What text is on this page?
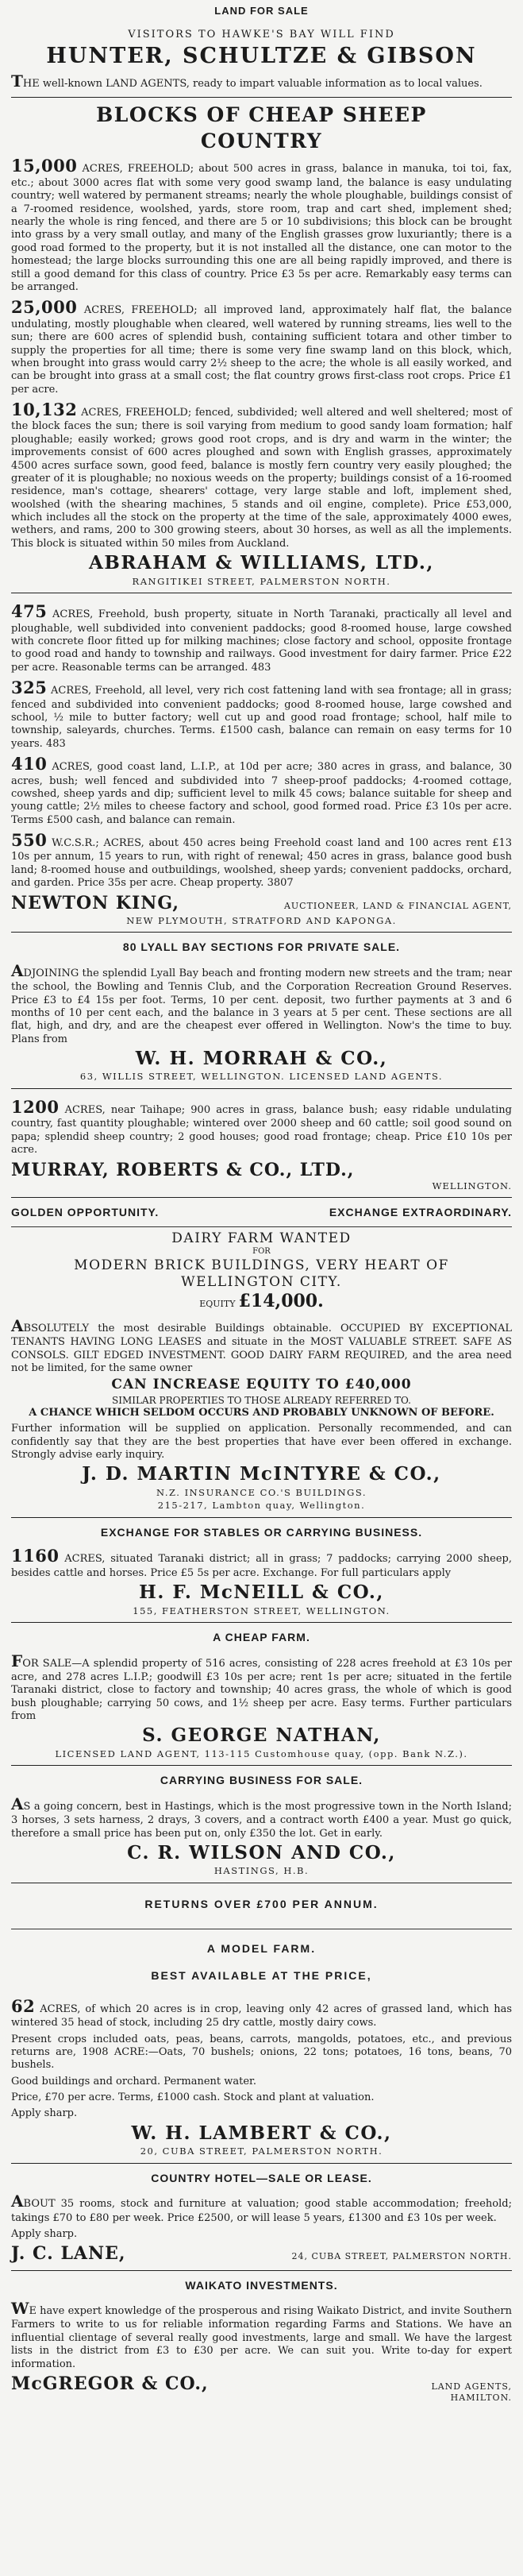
LAND FOR SALE
VISITORS TO HAWKE'S BAY WILL FIND
HUNTER, SCHULTZE & GIBSON
THE well-known LAND AGENTS, ready to impart valuable information as to local values.
BLOCKS OF CHEAP SHEEP
COUNTRY
15,000 ACRES, FREEHOLD; about 500 acres in grass, balance in manuka, toi toi, fax, etc.; about 3000 acres flat with some very good swamp land, the balance is easy undulating country; well watered by permanent streams; nearly the whole ploughable, buildings consist of a 7-roomed residence, woolshed, yards, store room, trap and cart shed, implement shed; nearly the whole is ring fenced, and there are 5 or 10 subdivisions; this block can be brought into grass by a very small outlay, and many of the English grasses grow luxuriantly; there is a good road formed to the property, but it is not installed all the distance, one can motor to the homestead; the large blocks surrounding this one are all being rapidly improved, and there is still a good demand for this class of country. Price £3 5s per acre. Remarkably easy terms can be arranged.
25,000 ACRES, FREEHOLD; all improved land, approximately half flat, the balance undulating, mostly ploughable when cleared, well watered by running streams, lies well to the sun; there are 600 acres of splendid bush, containing sufficient totara and other timber to supply the properties for all time; there is some very fine swamp land on this block, which, when brought into grass would carry 2½ sheep to the acre; the whole is all easily worked, and can be brought into grass at a small cost; the flat country grows first-class root crops. Price £1 per acre.
10,132 ACRES, FREEHOLD; fenced, subdivided; well altered and well sheltered; most of the block faces the sun; there is soil varying from medium to good sandy loam formation; half ploughable; easily worked; grows good root crops, and is dry and warm in the winter; the improvements consist of 600 acres ploughed and sown with English grasses, approximately 4500 acres surface sown, good feed, balance is mostly fern country very easily ploughed; the greater of it is ploughable; no noxious weeds on the property; buildings consist of a 16-roomed residence, man's cottage, shearers' cottage, very large stable and loft, implement shed, woolshed (with the shearing machines, 5 stands and oil engine, complete). Price £53,000, which includes all the stock on the property at the time of the sale, approximately 4000 ewes, wethers, and rams, 200 to 300 growing steers, about 30 horses, as well as all the implements. This block is situated within 50 miles from Auckland.
ABRAHAM & WILLIAMS, LTD.,
RANGITIKEI STREET, PALMERSTON NORTH.
475 ACRES, Freehold, bush property, situate in North Taranaki, practically all level and ploughable, well subdivided into convenient paddocks; good 8-roomed house, large cowshed with concrete floor fitted up for milking machines; close factory and school, opposite frontage to good road and handy to township and railways. Good investment for dairy farmer. Price £22 per acre. Reasonable terms can be arranged. 483
325 ACRES, Freehold, all level, very rich cost fattening land with sea frontage; all in grass; fenced and subdivided into convenient paddocks; good 8-roomed house, large cowshed and school, ½ mile to butter factory; well cut up and good road frontage; school, half mile to township, saleyards, churches. Terms. £1500 cash, balance can remain on easy terms for 10 years. 483
410 ACRES, good coast land, L.I.P., at 10d per acre; 380 acres in grass, and balance, 30 acres, bush; well fenced and subdivided into 7 sheep-proof paddocks; 4-roomed cottage, cowshed, sheep yards and dip; sufficient level to milk 45 cows; balance suitable for sheep and young cattle; 2½ miles to cheese factory and school, good formed road. Price £3 10s per acre. Terms £500 cash, and balance can remain.
550 W.C.S.R.; ACRES, about 450 acres being Freehold coast land and 100 acres rent £13 10s per annum, 15 years to run, with right of renewal; 450 acres in grass, balance good bush land; 8-roomed house and outbuildings, woolshed, sheep yards; convenient paddocks, orchard, and garden. Price 35s per acre. Cheap property. 3807
NEWTON KING,	AUCTIONEER, LAND & FINANCIAL AGENT,
NEW PLYMOUTH, STRATFORD AND KAPONGA.
80 LYALL BAY SECTIONS FOR PRIVATE SALE.
ADJOINING the splendid Lyall Bay beach and fronting modern new streets and the tram; near the school, the Bowling and Tennis Club, and the Corporation Recreation Ground Reserves. Price £3 to £4 15s per foot. Terms, 10 per cent. deposit, two further payments at 3 and 6 months of 10 per cent each, and the balance in 3 years at 5 per cent. These sections are all flat, high, and dry, and are the cheapest ever offered in Wellington. Now's the time to buy. Plans from
W. H. MORRAH & CO.,
63, WILLIS STREET, WELLINGTON. LICENSED LAND AGENTS.
1200 ACRES, near Taihape; 900 acres in grass, balance bush; easy ridable undulating country, fast quantity ploughable; wintered over 2000 sheep and 60 cattle; soil good sound on papa; splendid sheep country; 2 good houses; good road frontage; cheap. Price £10 10s per acre.
MURRAY, ROBERTS & CO., LTD.,
WELLINGTON.
GOLDEN OPPORTUNITY.	EXCHANGE EXTRAORDINARY.
DAIRY FARM WANTED
FOR
MODERN BRICK BUILDINGS, VERY HEART OF
WELLINGTON CITY.
EQUITY £14,000.
ABSOLUTELY the most desirable Buildings obtainable. OCCUPIED BY EXCEPTIONAL TENANTS HAVING LONG LEASES and situate in the MOST VALUABLE STREET. SAFE AS CONSOLS. GILT EDGED INVESTMENT. GOOD DAIRY FARM REQUIRED, and the area need not be limited, for the same owner
CAN INCREASE EQUITY TO £40,000
SIMILAR PROPERTIES TO THOSE ALREADY REFERRED TO.
A CHANCE WHICH SELDOM OCCURS AND PROBABLY UNKNOWN OF BEFORE.
Further information will be supplied on application. Personally recommended, and can confidently say that they are the best properties that have ever been offered in exchange. Strongly advise early inquiry.
J. D. MARTIN McINTYRE & CO.,
N.Z. INSURANCE CO.'S BUILDINGS.
215-217, Lambton quay, Wellington.
EXCHANGE FOR STABLES OR CARRYING BUSINESS.
1160 ACRES, situated Taranaki district; all in grass; 7 paddocks; carrying 2000 sheep, besides cattle and horses. Price £5 5s per acre. Exchange. For full particulars apply
H. F. McNEILL & CO.,
155, FEATHERSTON STREET, WELLINGTON.
A CHEAP FARM.
FOR SALE—A splendid property of 516 acres, consisting of 228 acres freehold at £3 10s per acre, and 278 acres L.I.P.; goodwill £3 10s per acre; rent 1s per acre; situated in the fertile Taranaki district, close to factory and township; 40 acres grass, the whole of which is good bush ploughable; carrying 50 cows, and 1½ sheep per acre. Easy terms. Further particulars from
S. GEORGE NATHAN,
LICENSED LAND AGENT, 113-115 Customhouse quay, (opp. Bank N.Z.).
CARRYING BUSINESS FOR SALE.
AS a going concern, best in Hastings, which is the most progressive town in the North Island; 3 horses, 3 sets harness, 2 drays, 3 covers, and a contract worth £400 a year. Must go quick, therefore a small price has been put on, only £350 the lot. Get in early.
C. R. WILSON AND CO.,
HASTINGS, H.B.
RETURNS OVER £700 PER ANNUM.
A MODEL FARM.
BEST AVAILABLE AT THE PRICE,
62 ACRES, of which 20 acres is in crop, leaving only 42 acres of grassed land, which has wintered 35 head of stock, including 25 dry cattle, mostly dairy cows.
Present crops included oats, peas, beans, carrots, mangolds, potatoes, etc., and previous returns are, 1908 ACRE:—Oats, 70 bushels; onions, 22 tons; potatoes, 16 tons, beans, 70 bushels.
Good buildings and orchard. Permanent water.
Price, £70 per acre. Terms, £1000 cash. Stock and plant at valuation.
Apply sharp.
W. H. LAMBERT & CO.,
20, CUBA STREET, PALMERSTON NORTH.
COUNTRY HOTEL—SALE OR LEASE.
ABOUT 35 rooms, stock and furniture at valuation; good stable accommodation; freehold; takings £70 to £80 per week. Price £2500, or will lease 5 years, £1300 and £3 10s per week.
Apply sharp.
J. C. LANE,	24, CUBA STREET, PALMERSTON NORTH.
WAIKATO INVESTMENTS.
WE have expert knowledge of the prosperous and rising Waikato District, and invite Southern Farmers to write to us for reliable information regarding Farms and Stations. We have an influential clientage of several really good investments, large and small. We have the largest lists in the district from £3 to £30 per acre. We can suit you. Write to-day for expert information.
McGREGOR & CO.,	LAND AGENTS,
HAMILTON.
